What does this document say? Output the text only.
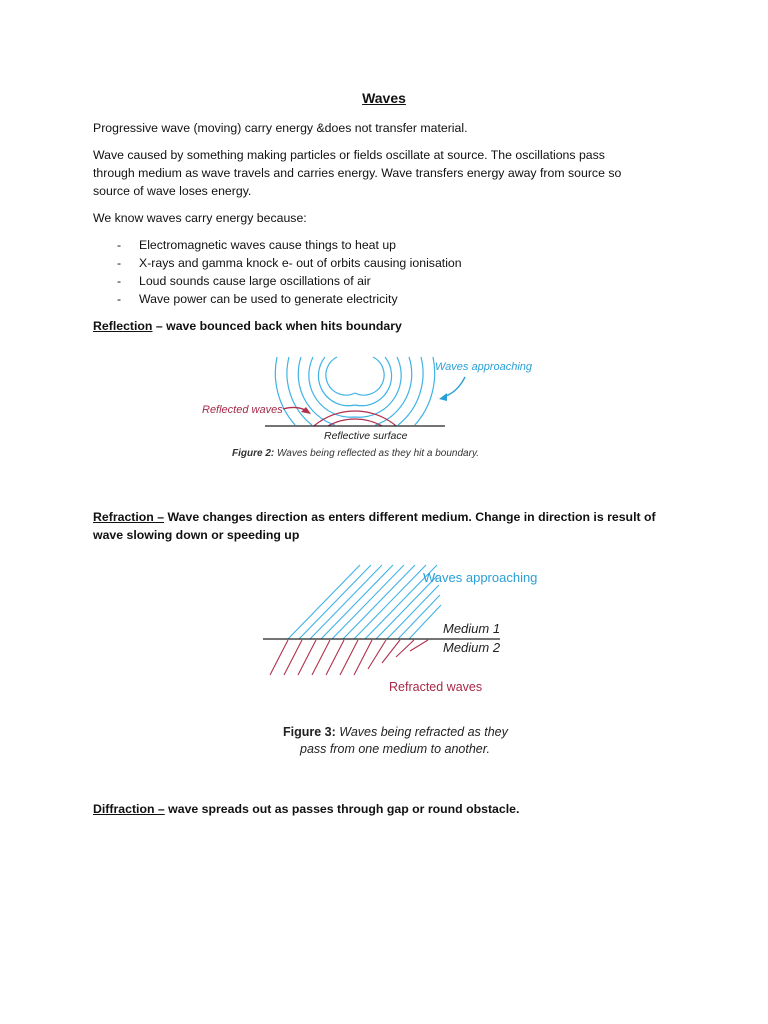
Waves

Progressive wave (moving) carry energy &does not transfer material.

Wave caused by something making particles or fields oscillate at source. The oscillations pass
through medium as wave travels and carries energy. Wave transfers energy away from source so
source of wave loses energy.

We know waves carry energy because:

- Electromagnetic waves cause things to heat up
- X-rays and gamma knock e- out of orbits causing ionisation
- Loud sounds cause large oscillations of air
- Wave power can be used to generate electricity
Reflection – wave bounced back when hits boundary
Waves approaching
Reflected waves
Reflective surface
Figure 2: Waves being reflected as they hit a boundary.
Refraction – Wave changes direction as enters different medium. Change in direction is result of
wave slowing down or speeding up
Waves approaching
Medium 1
Medium 2
Refracted waves
Figure 3: Waves being refracted as they
pass from one medium to another.
Diffraction – wave spreads out as passes through gap or round obstacle.
